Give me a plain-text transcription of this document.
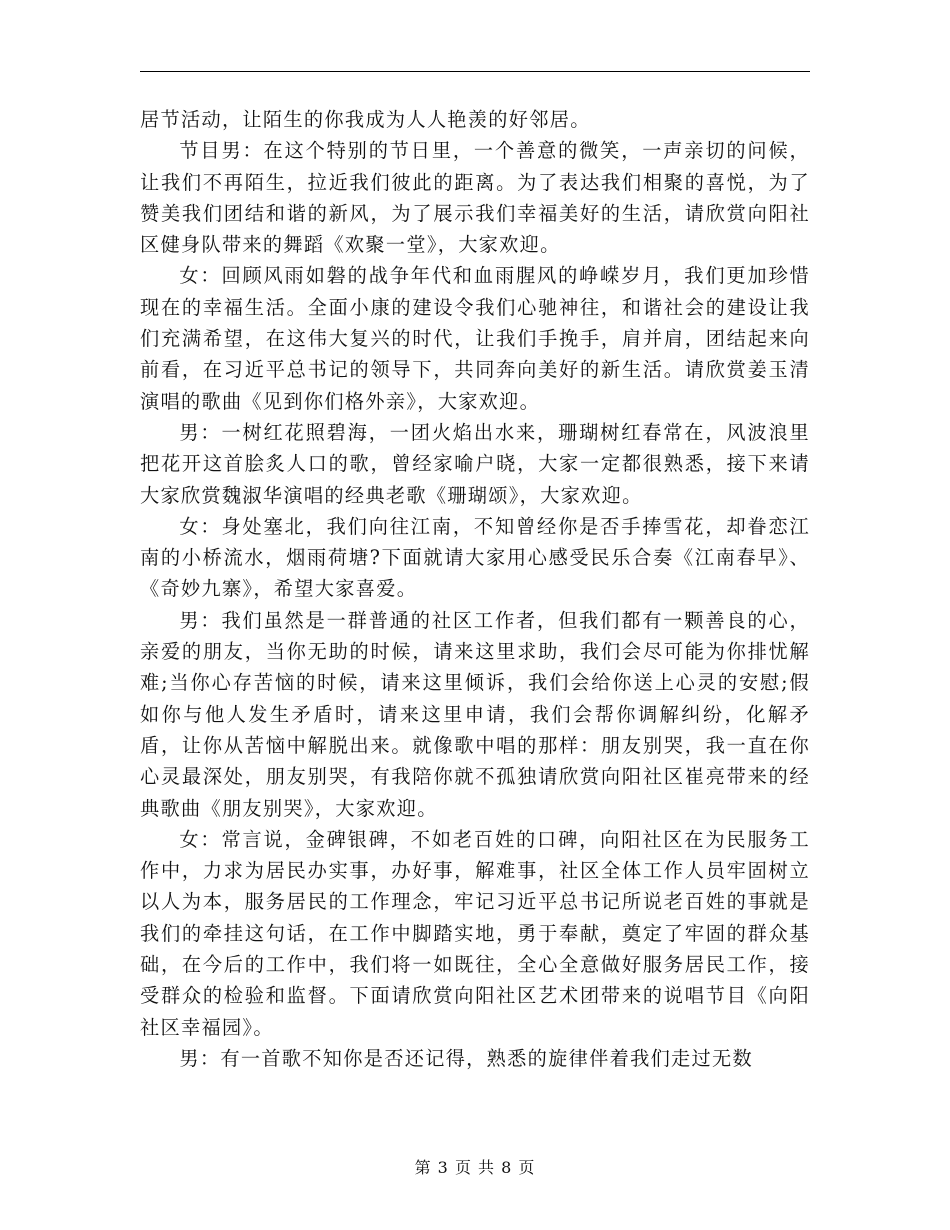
居节活动，让陌生的你我成为人人艳羡的好邻居。

节目男：在这个特别的节日里，一个善意的微笑，一声亲切的问候，让我们不再陌生，拉近我们彼此的距离。为了表达我们相聚的喜悦，为了赞美我们团结和谐的新风，为了展示我们幸福美好的生活，请欣赏向阳社区健身队带来的舞蹈《欢聚一堂》，大家欢迎。

女：回顾风雨如磐的战争年代和血雨腥风的峥嵘岁月，我们更加珍惜现在的幸福生活。全面小康的建设令我们心驰神往，和谐社会的建设让我们充满希望，在这伟大复兴的时代，让我们手挽手，肩并肩，团结起来向前看，在习近平总书记的领导下，共同奔向美好的新生活。请欣赏姜玉清演唱的歌曲《见到你们格外亲》，大家欢迎。

男：一树红花照碧海，一团火焰出水来，珊瑚树红春常在，风波浪里把花开这首脍炙人口的歌，曾经家喻户晓，大家一定都很熟悉，接下来请大家欣赏魏淑华演唱的经典老歌《珊瑚颂》，大家欢迎。

女：身处塞北，我们向往江南，不知曾经你是否手捧雪花，却眷恋江南的小桥流水，烟雨荷塘?下面就请大家用心感受民乐合奏《江南春早》、《奇妙九寨》，希望大家喜爱。

男：我们虽然是一群普通的社区工作者，但我们都有一颗善良的心，亲爱的朋友，当你无助的时候，请来这里求助，我们会尽可能为你排忧解难;当你心存苦恼的时候，请来这里倾诉，我们会给你送上心灵的安慰;假如你与他人发生矛盾时，请来这里申请，我们会帮你调解纠纷，化解矛盾，让你从苦恼中解脱出来。就像歌中唱的那样：朋友别哭，我一直在你心灵最深处，朋友别哭，有我陪你就不孤独请欣赏向阳社区崔亮带来的经典歌曲《朋友别哭》，大家欢迎。

女：常言说，金碑银碑，不如老百姓的口碑，向阳社区在为民服务工作中，力求为居民办实事，办好事，解难事，社区全体工作人员牢固树立以人为本，服务居民的工作理念，牢记习近平总书记所说老百姓的事就是我们的牵挂这句话，在工作中脚踏实地，勇于奉献，奠定了牢固的群众基础，在今后的工作中，我们将一如既往，全心全意做好服务居民工作，接受群众的检验和监督。下面请欣赏向阳社区艺术团带来的说唱节目《向阳社区幸福园》。

男：有一首歌不知你是否还记得，熟悉的旋律伴着我们走过无数

第 3 页 共 8 页
